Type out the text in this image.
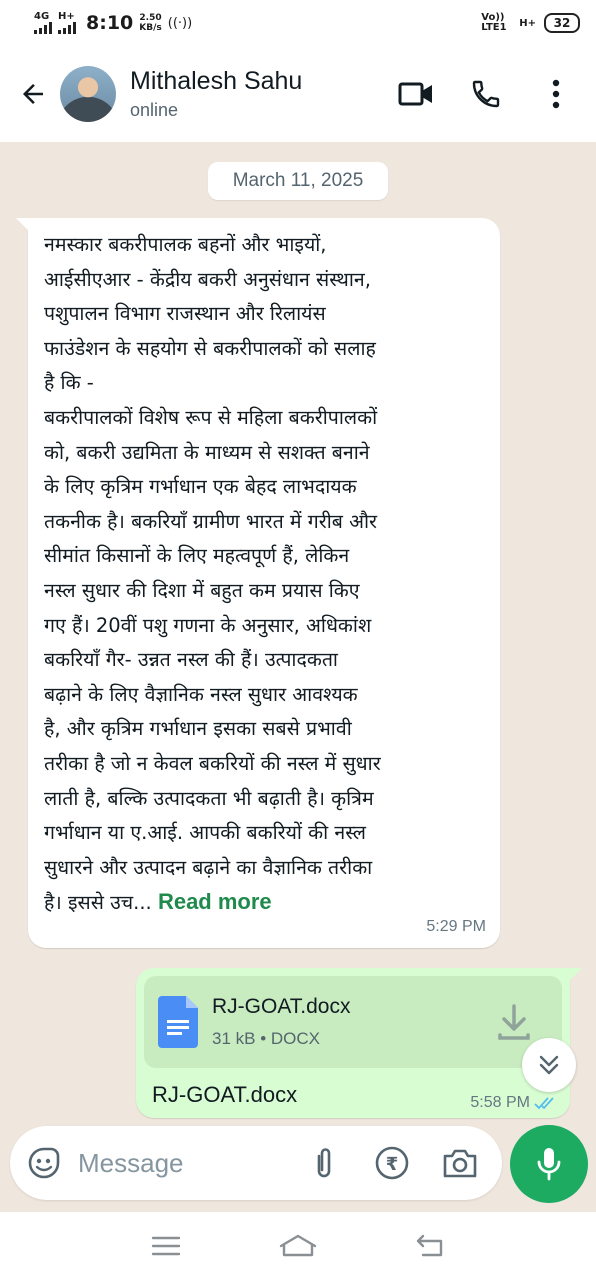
4G H+ 8:10 2.50
KB/s ((·))	Vo)) LTE1	H+ 32
Mithalesh Sahu
online
March 11, 2025
नमस्कार बकरीपालक बहनों और भाइयों,
आईसीएआर - केंद्रीय बकरी अनुसंधान संस्थान,
पशुपालन विभाग राजस्थान और रिलायंस
फाउंडेशन के सहयोग से बकरीपालकों को सलाह
है कि -
बकरीपालकों विशेष रूप से महिला बकरीपालकों
को, बकरी उद्यमिता के माध्यम से सशक्त बनाने
के लिए कृत्रिम गर्भाधान एक बेहद लाभदायक
तकनीक है। बकरियाँ ग्रामीण भारत में गरीब और
सीमांत किसानों के लिए महत्वपूर्ण हैं, लेकिन
नस्ल सुधार की दिशा में बहुत कम प्रयास किए
गए हैं। 20वीं पशु गणना के अनुसार, अधिकांश
बकरियाँ गैर- उन्नत नस्ल की हैं। उत्पादकता
बढ़ाने के लिए वैज्ञानिक नस्ल सुधार आवश्यक
है, और कृत्रिम गर्भाधान इसका सबसे प्रभावी
तरीका है जो न केवल बकरियों की नस्ल में सुधार
लाती है, बल्कि उत्पादकता भी बढ़ाती है। कृत्रिम
गर्भाधान या ए.आई. आपकी बकरियों की नस्ल
सुधारने और उत्पादन बढ़ाने का वैज्ञानिक तरीका
है। इससे उच... Read more
5:29 PM
RJ-GOAT.docx
31 kB • DOCX
RJ-GOAT.docx	5:58 PM
Message
₹
